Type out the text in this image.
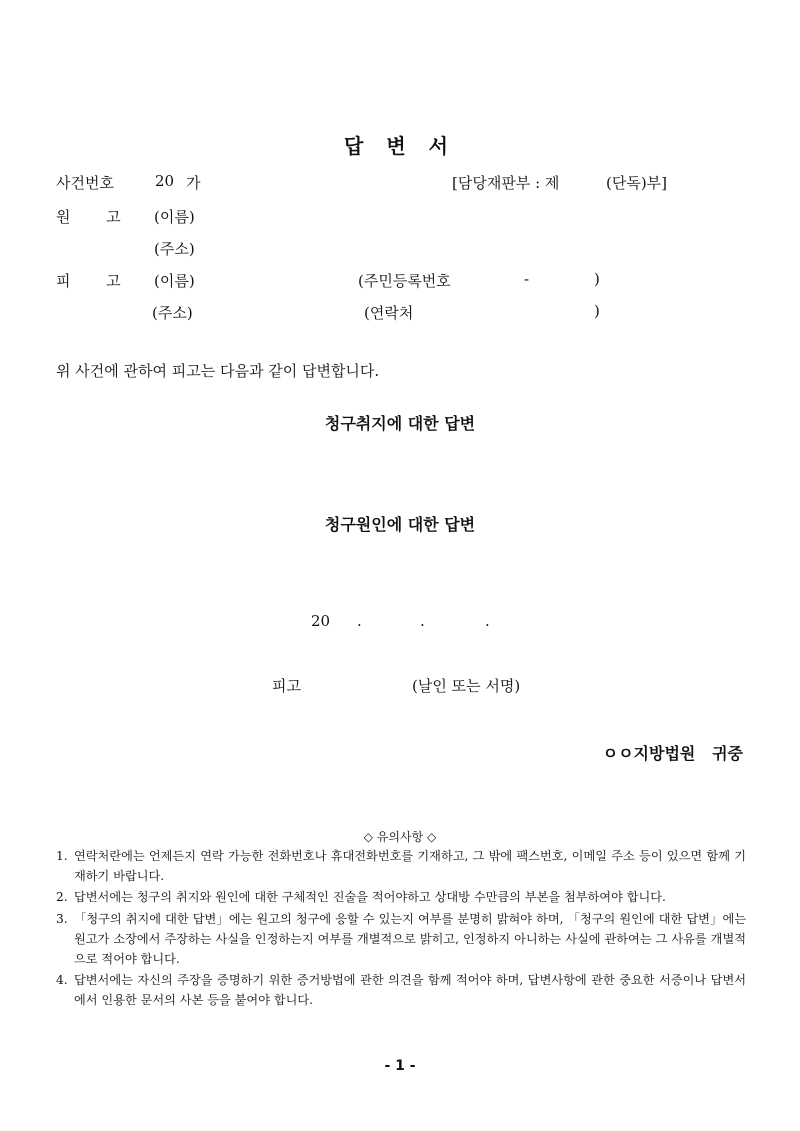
답 변 서
사건번호	20 가	[담당재판부 : 제	(단독)부]
원      고 (이름)
(주소)
피      고 (이름)	(주민등록번호	-	)
(주소)	(연락처	)
위 사건에 관하여 피고는 다음과 같이 답변합니다.
청구취지에 대한 답변
청구원인에 대한 답변
20 .	.	.
피고	(날인 또는 서명)
ㅇㅇ지방법원   귀중
◇ 유의사항 ◇
1. 연락처란에는 언제든지 연락 가능한 전화번호나 휴대전화번호를 기재하고, 그 밖에 팩스번호, 이메일 주소 등이 있으면 함께 기재하기 바랍니다.
2. 답변서에는 청구의 취지와 원인에 대한 구체적인 진술을 적어야하고 상대방 수만큼의 부본을 첨부하여야 합니다.
3. 「청구의 취지에 대한 답변」에는 원고의 청구에 응할 수 있는지 여부를 분명히 밝혀야 하며, 「청구의 원인에 대한 답변」에는 원고가 소장에서 주장하는 사실을 인정하는지 여부를 개별적으로 밝히고, 인정하지 아니하는 사실에 관하여는 그 사유를 개별적으로 적어야 합니다.
4. 답변서에는 자신의 주장을 증명하기 위한 증거방법에 관한 의견을 함께 적어야 하며, 답변사항에 관한 중요한 서증이나 답변서에서 인용한 문서의 사본 등을 붙여야 합니다.
- 1 -
